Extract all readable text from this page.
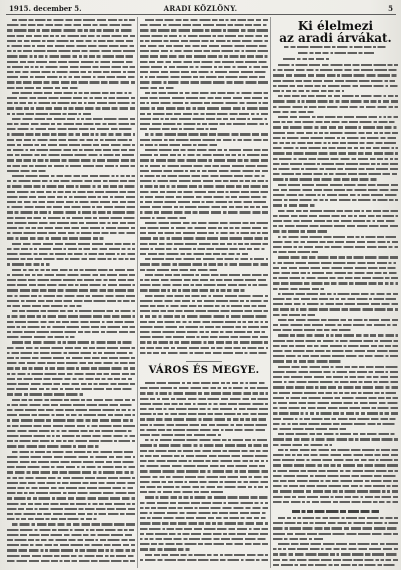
1915. december 5.	ARADI KÖZLÖNY.	5
VÁROS ÉS MEGYE.
Ki élelmezi
az aradi árvákat.
